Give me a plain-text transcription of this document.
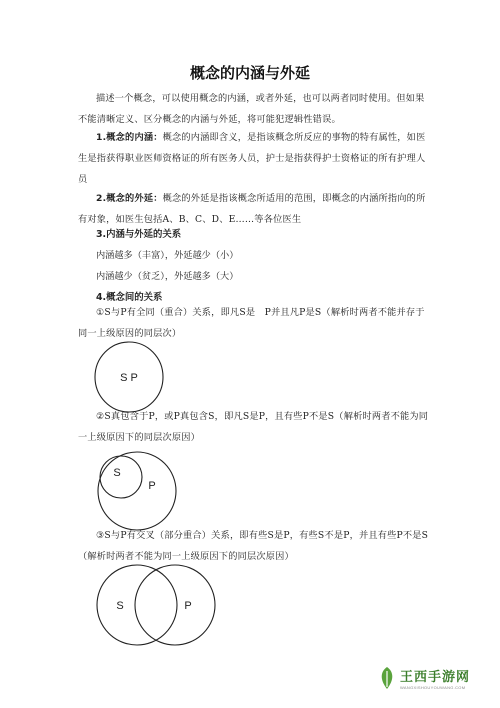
概念的内涵与外延
描述一个概念，可以使用概念的内涵，或者外延，也可以两者同时使用。但如果不能清晰定义、区分概念的内涵与外延，将可能犯逻辑性错误。
1.概念的内涵：概念的内涵即含义，是指该概念所反应的事物的特有属性，如医生是指获得职业医师资格证的所有医务人员，护士是指获得护士资格证的所有护理人员
2.概念的外延：概念的外延是指该概念所适用的范围，即概念的内涵所指向的所有对象，如医生包括A、B、C、D、E……等各位医生
3.内涵与外延的关系
内涵越多（丰富），外延越少（小）
内涵越少（贫乏），外延越多（大）
4.概念间的关系
①S与P有全同（重合）关系，即凡S是　P并且凡P是S（解析时两者不能并存于同一上级原因的同层次）
S P
②S真包含于P，或P真包含S，即凡S是P，且有些P不是S（解析时两者不能为同一上级原因下的同层次原因）
S
P
③S与P有交叉（部分重合）关系，即有些S是P，有些S不是P，并且有些P不是S（解析时两者不能为同一上级原因下的同层次原因）
S	P
王西手游网
WANGXISHOUYOUWANG.COM
